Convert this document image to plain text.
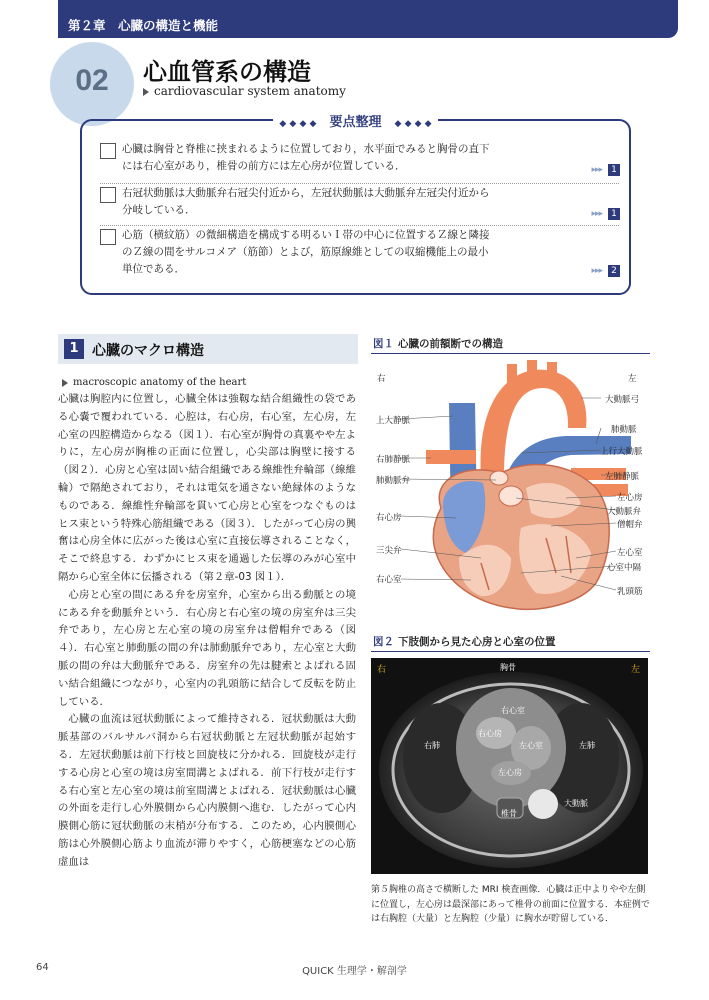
第２章　心臓の構造と機能
02	心血管系の構造
cardiovascular system anatomy
◆ ◆ ◆ ◆　 要点整理　 ◆ ◆ ◆ ◆
心臓は胸骨と脊椎に挟まれるように位置しており，水平面でみると胸骨の直下
には右心室があり，椎骨の前方には左心房が位置している．	▸▸▸ 1
右冠状動脈は大動脈弁右冠尖付近から，左冠状動脈は大動脈弁左冠尖付近から
分岐している．	▸▸▸ 1
心筋（横紋筋）の微細構造を構成する明るいＩ帯の中心に位置するＺ線と隣接
のＺ線の間をサルコメア（筋節）とよび，筋原線維としての収縮機能上の最小
単位である．	▸▸▸ 2
1 心臓のマクロ構造
macroscopic anatomy of the heart

心臓は胸腔内に位置し，心臓全体は強靱な結合組織性の袋である心嚢で覆われている．心腔は，右心房，右心室，左心房，左心室の四腔構造からなる（図１）．右心室が胸骨の真裏やや左よりに，左心房が胸椎の正面に位置し，心尖部は胸壁に接する（図２）．心房と心室は固い結合組織である線維性弁輪部（線維輪）で隔絶されており，それは電気を通さない絶縁体のようなものである．線維性弁輪部を貫いて心房と心室をつなぐものはヒス束という特殊心筋組織である（図３）．したがって心房の興奮は心房全体に広がった後は心室に直接伝導されることなく，そこで終息する．わずかにヒス束を通過した伝導のみが心室中隔から心室全体に伝播される（第２章-03 図１）．

心房と心室の間にある弁を房室弁，心室から出る動脈との境にある弁を動脈弁という．右心房と右心室の境の房室弁は三尖弁であり，左心房と左心室の境の房室弁は僧帽弁である（図４）．右心室と肺動脈の間の弁は肺動脈弁であり，左心室と大動脈の間の弁は大動脈弁である．房室弁の先は腱索とよばれる固い結合組織につながり，心室内の乳頭筋に結合して反転を防止している．

心臓の血流は冠状動脈によって維持される．冠状動脈は大動脈基部のバルサルバ洞から右冠状動脈と左冠状動脈が起始する．左冠状動脈は前下行枝と回旋枝に分かれる．回旋枝が走行する心房と心室の境は房室間溝とよばれる．前下行枝が走行する右心室と左心室の境は前室間溝とよばれる．冠状動脈は心臓の外面を走行し心外膜側から心内膜側へ進む．したがって心内膜側心筋に冠状動脈の末梢が分布する．このため，心内膜側心筋は心外膜側心筋より血流が滞りやすく，心筋梗塞などの心筋虚血は

図１ 心臓の前額断での構造
右	左
上大静脈
右肺静脈
肺動脈弁
右心房
三尖弁
右心室
大動脈弓
肺動脈
上行大動脈
左肺静脈
左心房
大動脈弁
僧帽弁
左心室
心室中隔
乳頭筋
図２ 下肢側から見た心房と心室の位置
右	左
胸骨
右心室
右心房
左心室
左心房
右肺	左肺
椎骨
大動脈
第５胸椎の高さで横断した MRI 検査画像．心臓は正中よりやや左側に位置し，左心房は最深部にあって椎骨の前面に位置する．本症例では右胸腔（大量）と左胸腔（少量）に胸水が貯留している．
64	QUICK 生理学・解剖学
